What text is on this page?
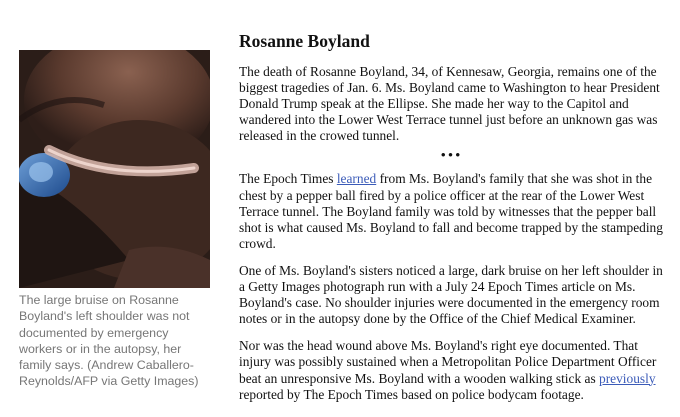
The large bruise on Rosanne Boyland's left shoulder was not documented by emergency workers or in the autopsy, her family says. (Andrew Caballero-Reynolds/AFP via Getty Images)

Rosanne Boyland

The death of Rosanne Boyland, 34, of Kennesaw, Georgia, remains one of the biggest tragedies of Jan. 6. Ms. Boyland came to Washington to hear President Donald Trump speak at the Ellipse. She made her way to the Capitol and wandered into the Lower West Terrace tunnel just before an unknown gas was released in the crowed tunnel.

•••

The Epoch Times learned from Ms. Boyland's family that she was shot in the chest by a pepper ball fired by a police officer at the rear of the Lower West Terrace tunnel. The Boyland family was told by witnesses that the pepper ball shot is what caused Ms. Boyland to fall and become trapped by the stampeding crowd.

One of Ms. Boyland's sisters noticed a large, dark bruise on her left shoulder in a Getty Images photograph run with a July 24 Epoch Times article on Ms. Boyland's case. No shoulder injuries were documented in the emergency room notes or in the autopsy done by the Office of the Chief Medical Examiner.

Nor was the head wound above Ms. Boyland's right eye documented. That injury was possibly sustained when a Metropolitan Police Department Officer beat an unresponsive Ms. Boyland with a wooden walking stick as previously reported by The Epoch Times based on police bodycam footage.
